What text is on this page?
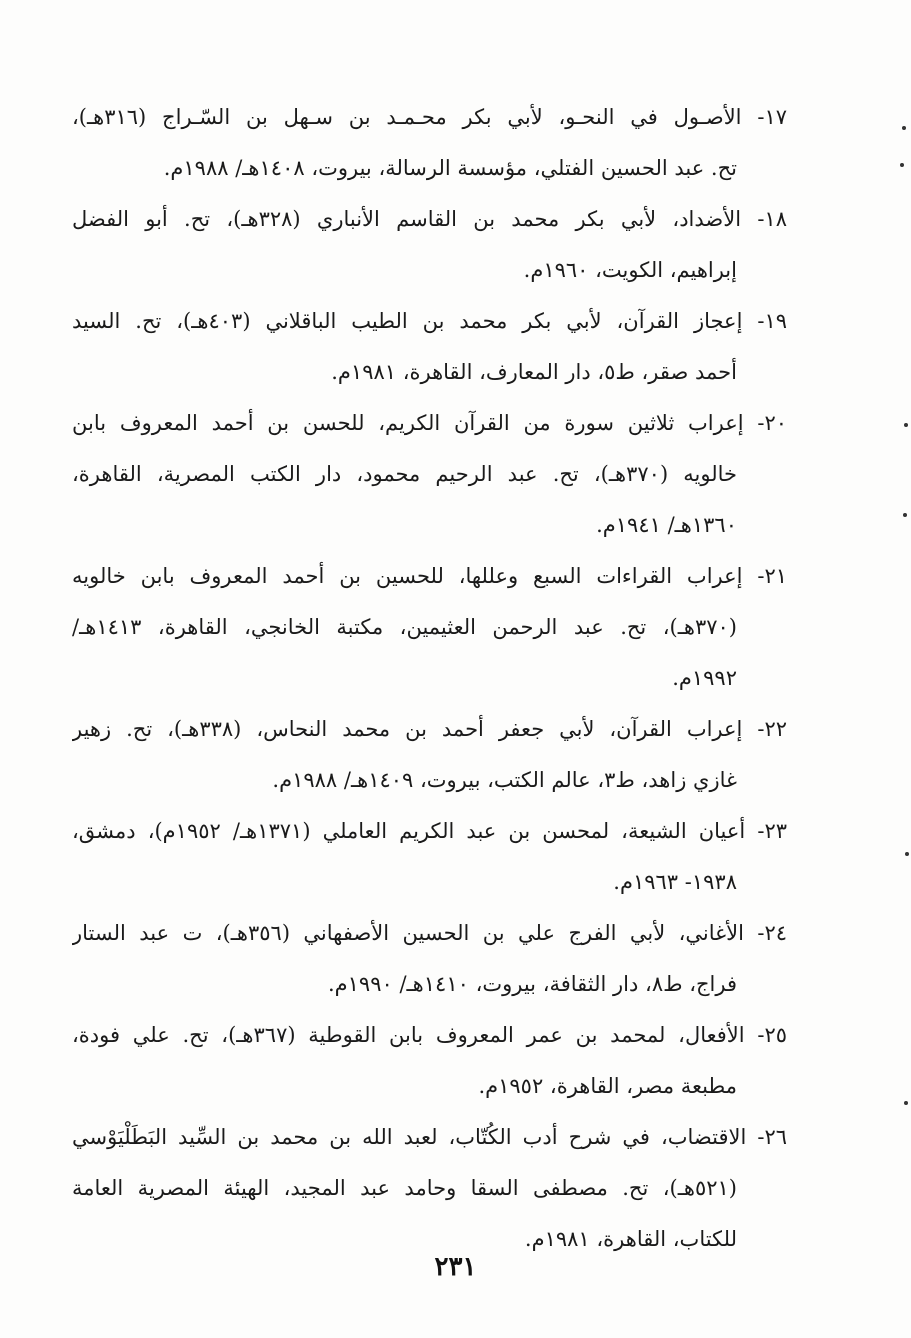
١٧- الأصـول في النحـو، لأبي بكر محـمـد بن سـهل بن السّـراج (٣١٦هـ)،
تح. عبد الحسين الفتلي، مؤسسة الرسالة، بيروت، ١٤٠٨هـ/ ١٩٨٨م.
١٨- الأضداد، لأبي بكر محمد بن القاسم الأنباري (٣٢٨هـ)، تح. أبو الفضل
إبراهيم، الكويت، ١٩٦٠م.
١٩- إعجاز القرآن، لأبي بكر محمد بن الطيب الباقلاني (٤٠٣هـ)، تح. السيد
أحمد صقر، ط٥، دار المعارف، القاهرة، ١٩٨١م.
٢٠- إعراب ثلاثين سورة من القرآن الكريم، للحسن بن أحمد المعروف بابن
خالويه (٣٧٠هـ)، تح. عبد الرحيم محمود، دار الكتب المصرية، القاهرة،
١٣٦٠هـ/ ١٩٤١م.
٢١- إعراب القراءات السبع وعللها، للحسين بن أحمد المعروف بابن خالويه
(٣٧٠هـ)، تح. عبد الرحمن العثيمين، مكتبة الخانجي، القاهرة، ١٤١٣هـ/
١٩٩٢م.
٢٢- إعراب القرآن، لأبي جعفر أحمد بن محمد النحاس، (٣٣٨هـ)، تح. زهير
غازي زاهد، ط٣، عالم الكتب، بيروت، ١٤٠٩هـ/ ١٩٨٨م.
٢٣- أعيان الشيعة، لمحسن بن عبد الكريم العاملي (١٣٧١هـ/ ١٩٥٢م)، دمشق،
١٩٣٨- ١٩٦٣م.
٢٤- الأغاني، لأبي الفرج علي بن الحسين الأصفهاني (٣٥٦هـ)، ت عبد الستار
فراج، ط٨، دار الثقافة، بيروت، ١٤١٠هـ/ ١٩٩٠م.
٢٥- الأفعال، لمحمد بن عمر المعروف بابن القوطية (٣٦٧هـ)، تح. علي فودة،
مطبعة مصر، القاهرة، ١٩٥٢م.
٢٦- الاقتضاب، في شرح أدب الكُتّاب، لعبد الله بن محمد بن السِّيد البَطَلْيَوْسي
(٥٢١هـ)، تح. مصطفى السقا وحامد عبد المجيد، الهيئة المصرية العامة
للكتاب، القاهرة، ١٩٨١م.
٢٣١
